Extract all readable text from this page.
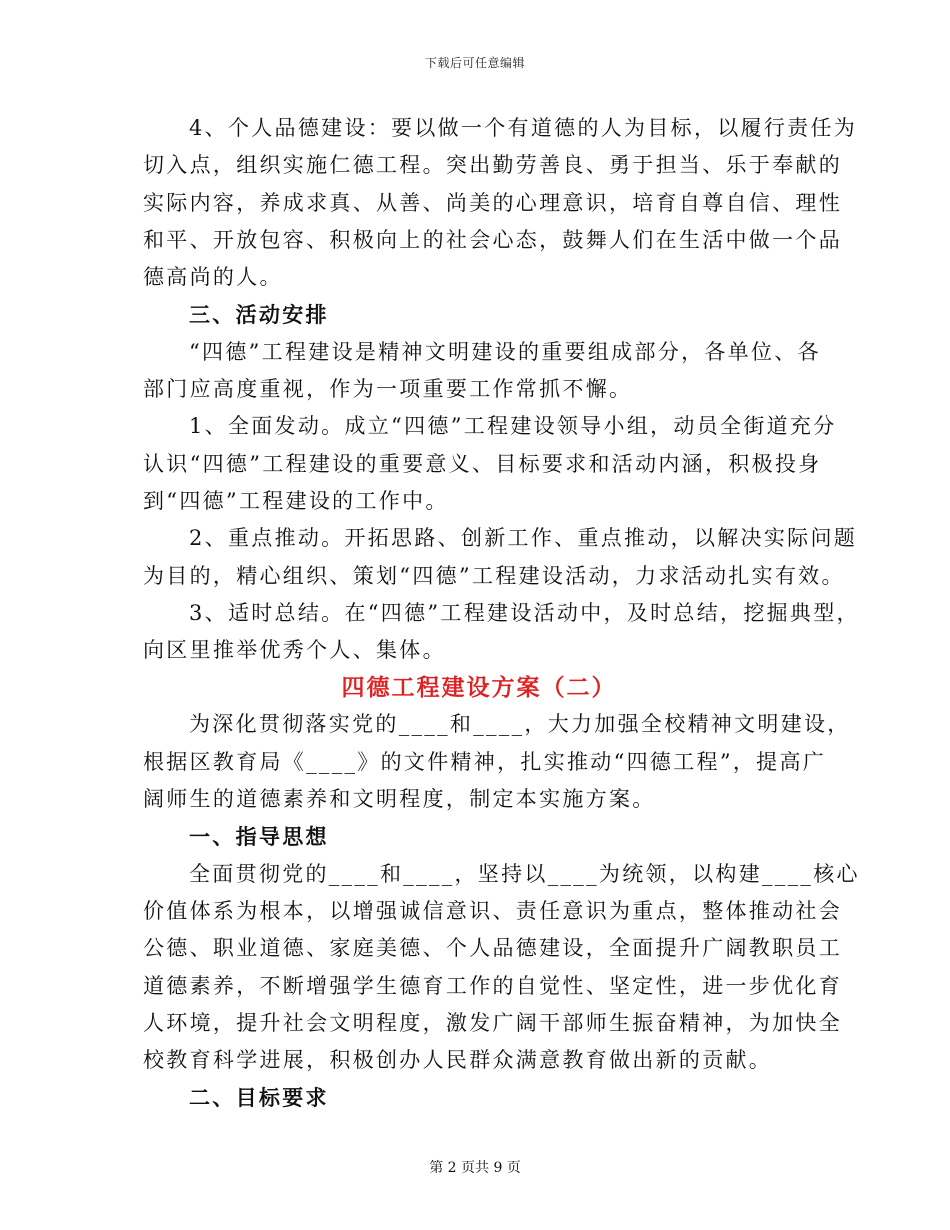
下载后可任意编辑
4、个人品德建设：要以做一个有道德的人为目标，以履行责任为
切入点，组织实施仁德工程。突出勤劳善良、勇于担当、乐于奉献的
实际内容，养成求真、从善、尚美的心理意识，培育自尊自信、理性
和平、开放包容、积极向上的社会心态，鼓舞人们在生活中做一个品
德高尚的人。
三、活动安排
“四德”工程建设是精神文明建设的重要组成部分，各单位、各
部门应高度重视，作为一项重要工作常抓不懈。
1、全面发动。成立“四德”工程建设领导小组，动员全街道充分
认识“四德”工程建设的重要意义、目标要求和活动内涵，积极投身
到“四德”工程建设的工作中。
2、重点推动。开拓思路、创新工作、重点推动，以解决实际问题
为目的，精心组织、策划“四德”工程建设活动，力求活动扎实有效。
3、适时总结。在“四德”工程建设活动中，及时总结，挖掘典型，
向区里推举优秀个人、集体。
四德工程建设方案（二）
为深化贯彻落实党的____和____，大力加强全校精神文明建设，
根据区教育局《____》的文件精神，扎实推动“四德工程”，提高广
阔师生的道德素养和文明程度，制定本实施方案。
一、指导思想
全面贯彻党的____和____，坚持以____为统领，以构建____核心
价值体系为根本，以增强诚信意识、责任意识为重点，整体推动社会
公德、职业道德、家庭美德、个人品德建设，全面提升广阔教职员工
道德素养，不断增强学生德育工作的自觉性、坚定性，进一步优化育
人环境，提升社会文明程度，激发广阔干部师生振奋精神，为加快全
校教育科学进展，积极创办人民群众满意教育做出新的贡献。
二、目标要求
第 2 页共 9 页
